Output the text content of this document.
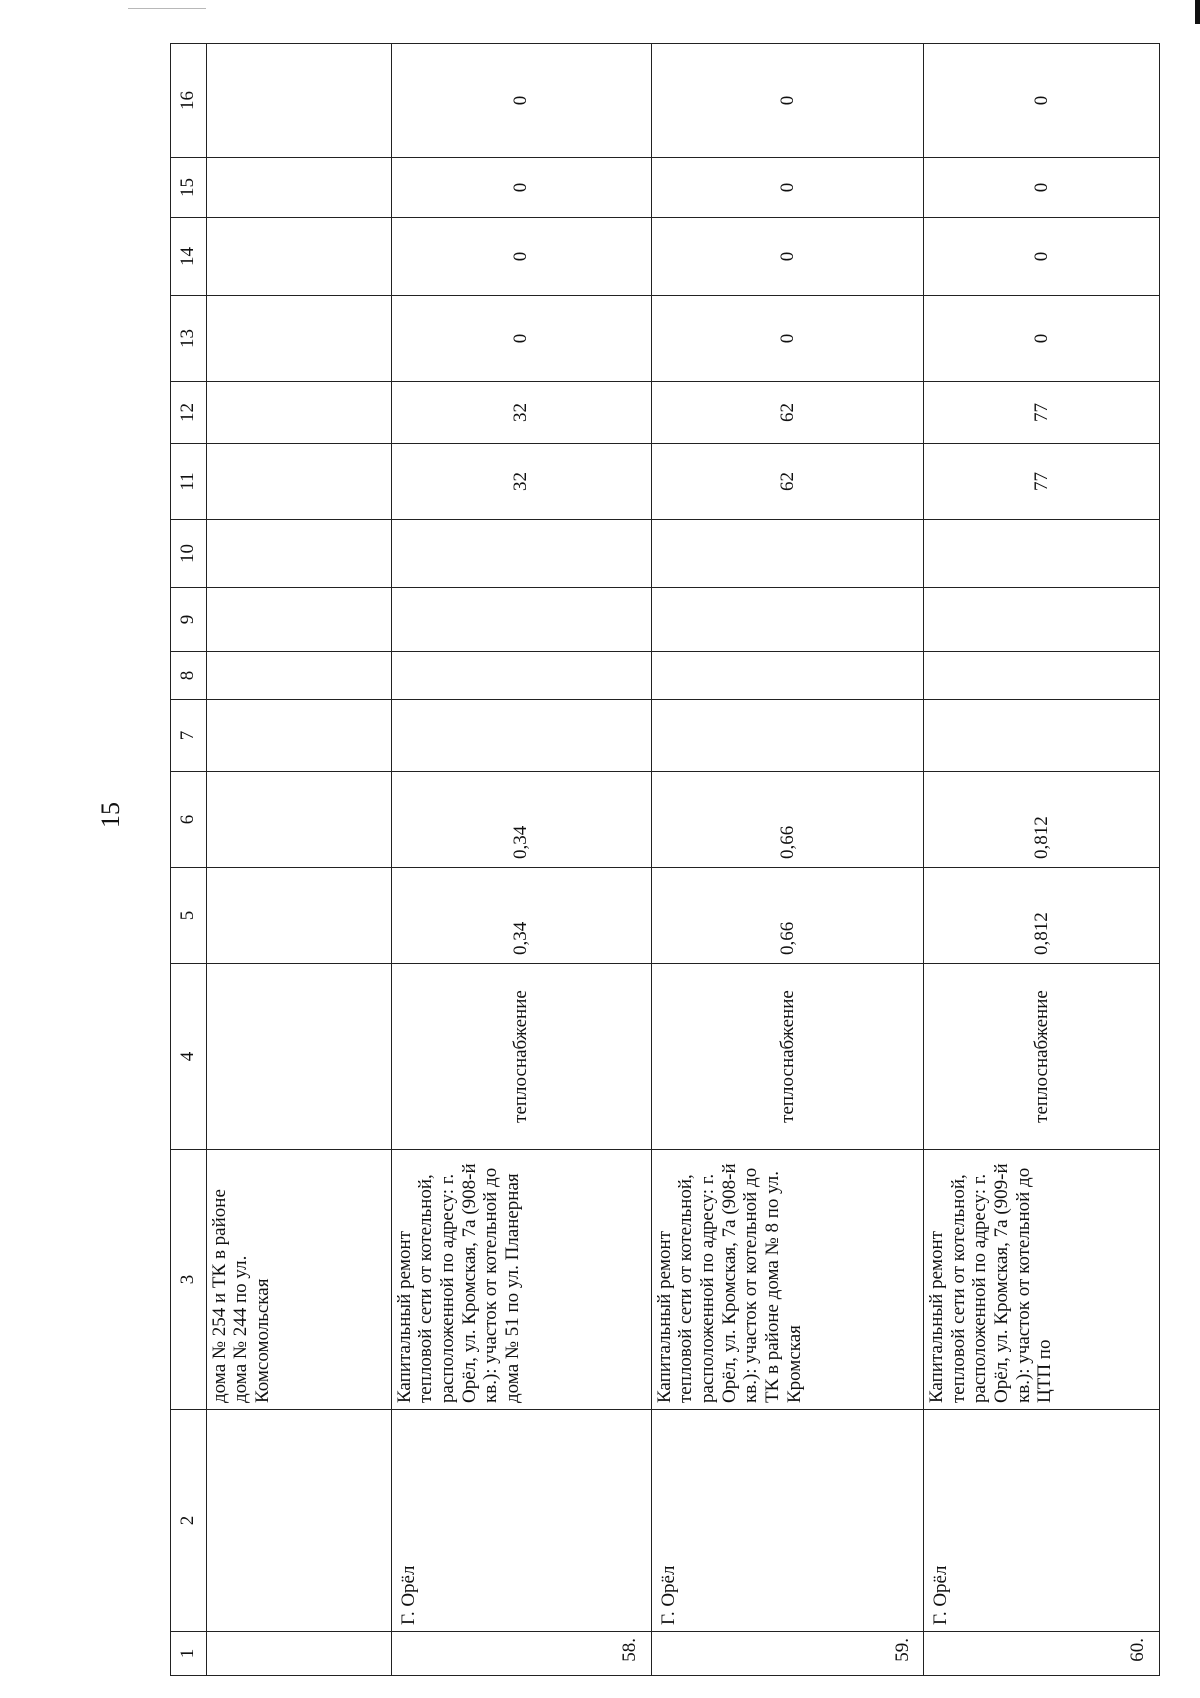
15
1	2	3	4	5	6	7	8	9	10	11	12	13	14	15	16
		дома № 254 и ТК в районе дома № 244 по ул. Комсомольская													
58.	Г. Орёл	Капитальный ремонт тепловой сети от котельной, расположенной по адресу: г. Орёл, ул. Кромская, 7а (908-й кв.): участок от котельной до дома № 51 по ул. Планерная	теплоснабжение	0,34	0,34					32	32	0	0	0	0
59.	Г. Орёл	Капитальный ремонт тепловой сети от котельной, расположенной по адресу: г. Орёл, ул. Кромская, 7а (908-й кв.): участок от котельной до ТК в районе дома № 8 по ул. Кромская	теплоснабжение	0,66	0,66					62	62	0	0	0	0
60.	Г. Орёл	Капитальный ремонт тепловой сети от котельной, расположенной по адресу: г. Орёл, ул. Кромская, 7а (909-й кв.): участок от котельной до ЦТП по	теплоснабжение	0,812	0,812					77	77	0	0	0	0
